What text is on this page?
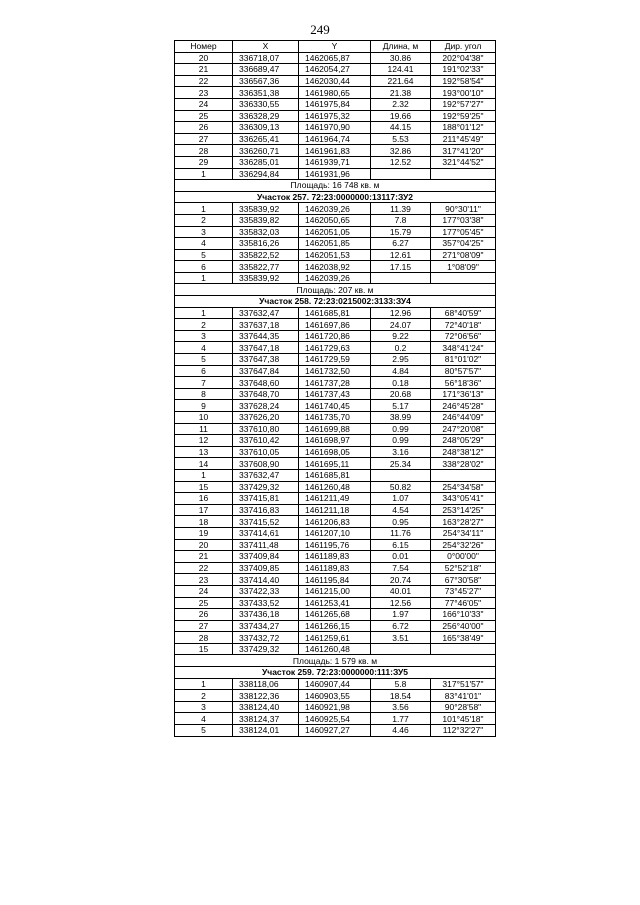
249
Номер	X	Y	Длина, м	Дир. угол
20	336718,07	1462065,87	30.86	202°04'38"
21	336689,47	1462054,27	124.41	191°02'33"
22	336567,36	1462030,44	221.64	192°58'54"
23	336351,38	1461980,65	21.38	193°00'10"
24	336330,55	1461975,84	2.32	192°57'27"
25	336328,29	1461975,32	19.66	192°59'25"
26	336309,13	1461970,90	44.15	188°01'12"
27	336265,41	1461964,74	5.53	211°45'49"
28	336260,71	1461961,83	32.86	317°41'20"
29	336285,01	1461939,71	12.52	321°44'52"
1	336294,84	1461931,96		
Площадь: 16 748 кв. м				
Участок 257. 72:23:0000000:13117:ЗУ2				
1	335839,92	1462039,26	11.39	90°30'11"
2	335839,82	1462050,65	7.8	177°03'38"
3	335832,03	1462051,05	15.79	177°05'45"
4	335816,26	1462051,85	6.27	357°04'25"
5	335822,52	1462051,53	12.61	271°08'09"
6	335822,77	1462038,92	17.15	1°08'09"
1	335839,92	1462039,26		
Площадь: 207 кв. м				
Участок 258. 72:23:0215002:3133:ЗУ4				
1	337632,47	1461685,81	12.96	68°40'59"
2	337637,18	1461697,86	24.07	72°40'18"
3	337644,35	1461720,86	9.22	72°06'56"
4	337647,18	1461729,63	0.2	348°41'24"
5	337647,38	1461729,59	2.95	81°01'02"
6	337647,84	1461732,50	4.84	80°57'57"
7	337648,60	1461737,28	0.18	56°18'36"
8	337648,70	1461737,43	20.68	171°36'13"
9	337628,24	1461740,45	5.17	246°45'28"
10	337626,20	1461735,70	38.99	246°44'09"
11	337610,80	1461699,88	0.99	247°20'08"
12	337610,42	1461698,97	0.99	248°05'29"
13	337610,05	1461698,05	3.16	248°38'12"
14	337608,90	1461695,11	25.34	338°28'02"
1	337632,47	1461685,81		
15	337429,32	1461260,48	50.82	254°34'58"
16	337415,81	1461211,49	1.07	343°05'41"
17	337416,83	1461211,18	4.54	253°14'25"
18	337415,52	1461206,83	0.95	163°28'27"
19	337414,61	1461207,10	11.76	254°34'11"
20	337411,48	1461195,76	6.15	254°32'26"
21	337409,84	1461189,83	0.01	0°00'00"
22	337409,85	1461189,83	7.54	52°52'18"
23	337414,40	1461195,84	20.74	67°30'58"
24	337422,33	1461215,00	40.01	73°45'27"
25	337433,52	1461253,41	12.56	77°46'05"
26	337436,18	1461265,68	1.97	166°10'33"
27	337434,27	1461266,15	6.72	256°40'00"
28	337432,72	1461259,61	3.51	165°38'49"
15	337429,32	1461260,48		
Площадь: 1 579 кв. м				
Участок 259. 72:23:0000000:111:ЗУ5				
1	338118,06	1460907,44	5.8	317°51'57"
2	338122,36	1460903,55	18.54	83°41'01"
3	338124,40	1460921,98	3.56	90°28'58"
4	338124,37	1460925,54	1.77	101°45'18"
5	338124,01	1460927,27	4.46	112°32'27"
